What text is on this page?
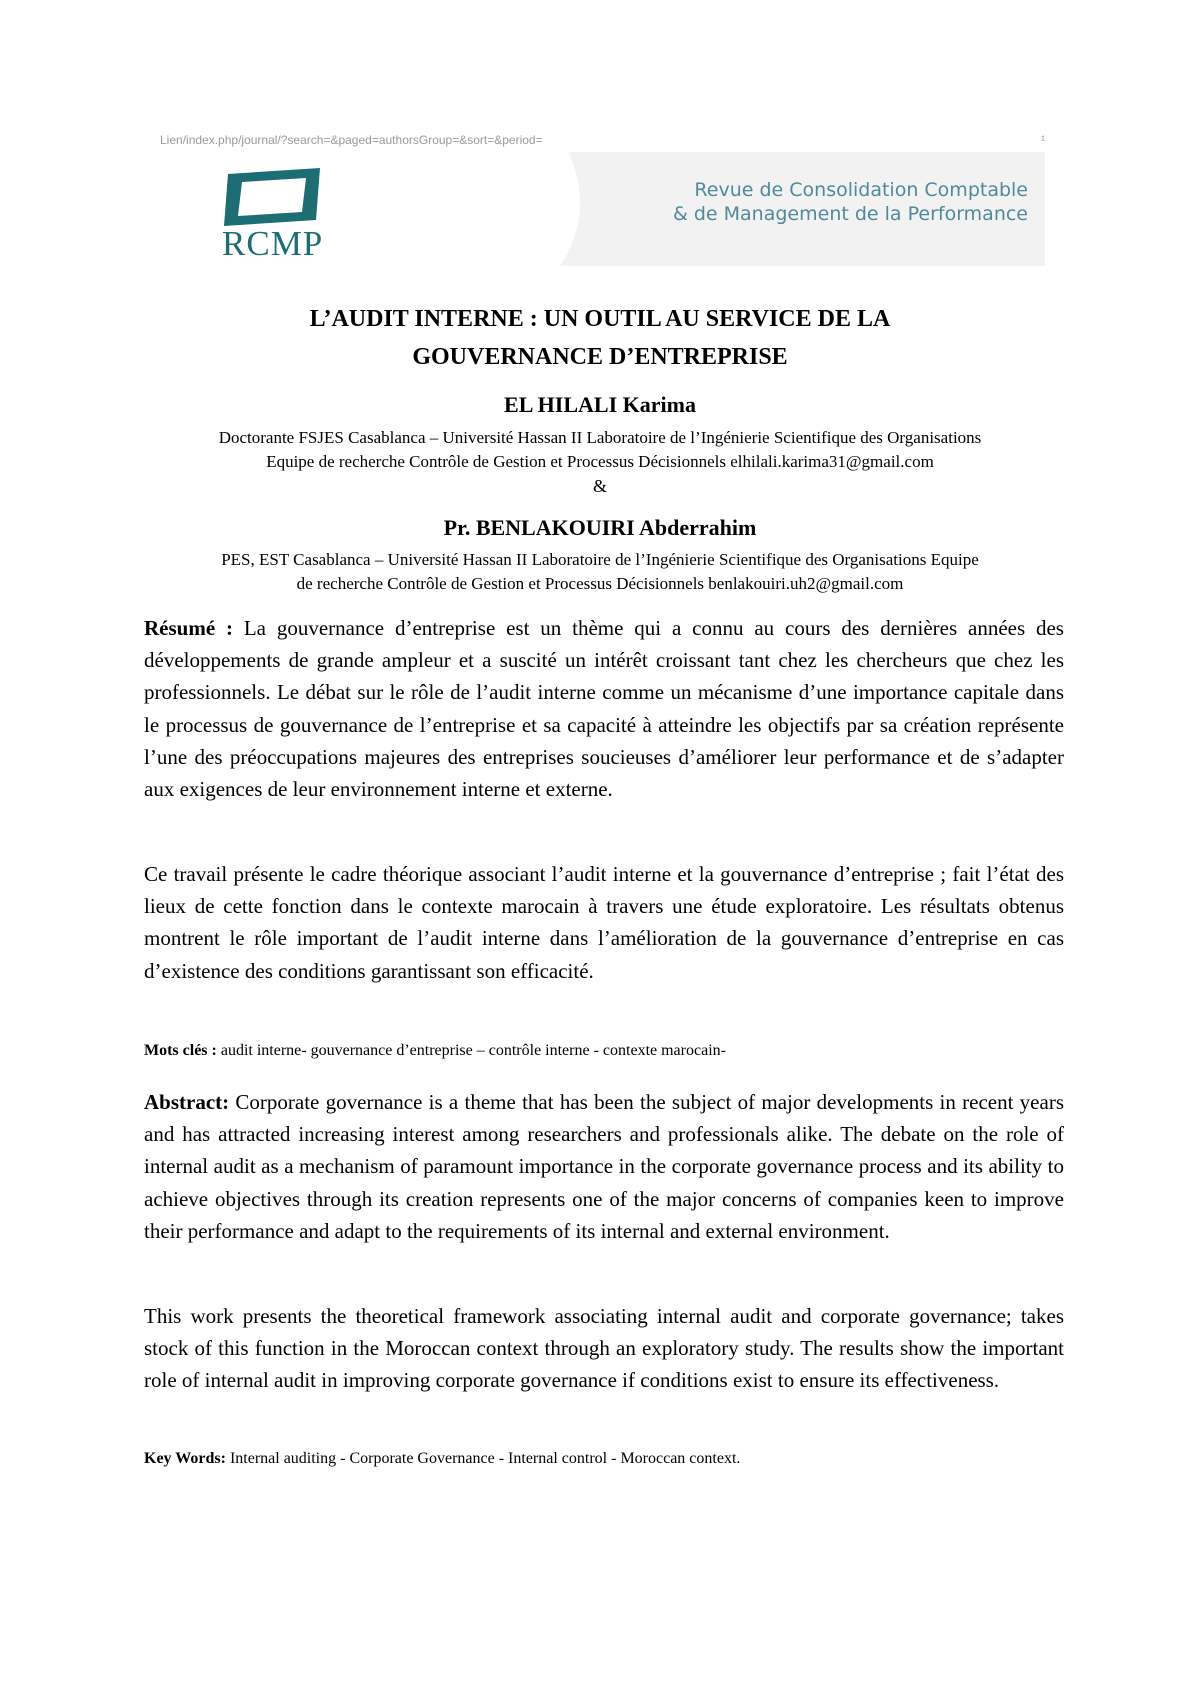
Lien/index.php/journal/?search=&paged=authorsGroup=&sort=&period=	¹
RCMP
Revue de Consolidation Comptable
& de Management de la Performance
L’AUDIT INTERNE : UN OUTIL AU SERVICE DE LA
GOUVERNANCE D’ENTREPRISE
EL HILALI Karima
Doctorante FSJES Casablanca – Université Hassan II Laboratoire de l’Ingénierie Scientifique des Organisations
Equipe de recherche Contrôle de Gestion et Processus Décisionnels elhilali.karima31@gmail.com
&
Pr. BENLAKOUIRI Abderrahim
PES, EST Casablanca – Université Hassan II Laboratoire de l’Ingénierie Scientifique des Organisations Equipe
de recherche Contrôle de Gestion et Processus Décisionnels benlakouiri.uh2@gmail.com
Résumé : La gouvernance d’entreprise est un thème qui a connu au cours des dernières années des développements de grande ampleur et a suscité un intérêt croissant tant chez les chercheurs que chez les professionnels. Le débat sur le rôle de l’audit interne comme un mécanisme d’une importance capitale dans le processus de gouvernance de l’entreprise et sa capacité à atteindre les objectifs par sa création représente l’une des préoccupations majeures des entreprises soucieuses d’améliorer leur performance et de s’adapter aux exigences de leur environnement interne et externe.
Ce travail présente le cadre théorique associant l’audit interne et la gouvernance d’entreprise ; fait l’état des lieux de cette fonction dans le contexte marocain à travers une étude exploratoire. Les résultats obtenus montrent le rôle important de l’audit interne dans l’amélioration de la gouvernance d’entreprise en cas d’existence des conditions garantissant son efficacité.
Mots clés : audit interne- gouvernance d’entreprise – contrôle interne - contexte marocain-
Abstract: Corporate governance is a theme that has been the subject of major developments in recent years and has attracted increasing interest among researchers and professionals alike. The debate on the role of internal audit as a mechanism of paramount importance in the corporate governance process and its ability to achieve objectives through its creation represents one of the major concerns of companies keen to improve their performance and adapt to the requirements of its internal and external environment.
This work presents the theoretical framework associating internal audit and corporate governance; takes stock of this function in the Moroccan context through an exploratory study. The results show the important role of internal audit in improving corporate governance if conditions exist to ensure its effectiveness.
Key Words: Internal auditing - Corporate Governance - Internal control - Moroccan context.
